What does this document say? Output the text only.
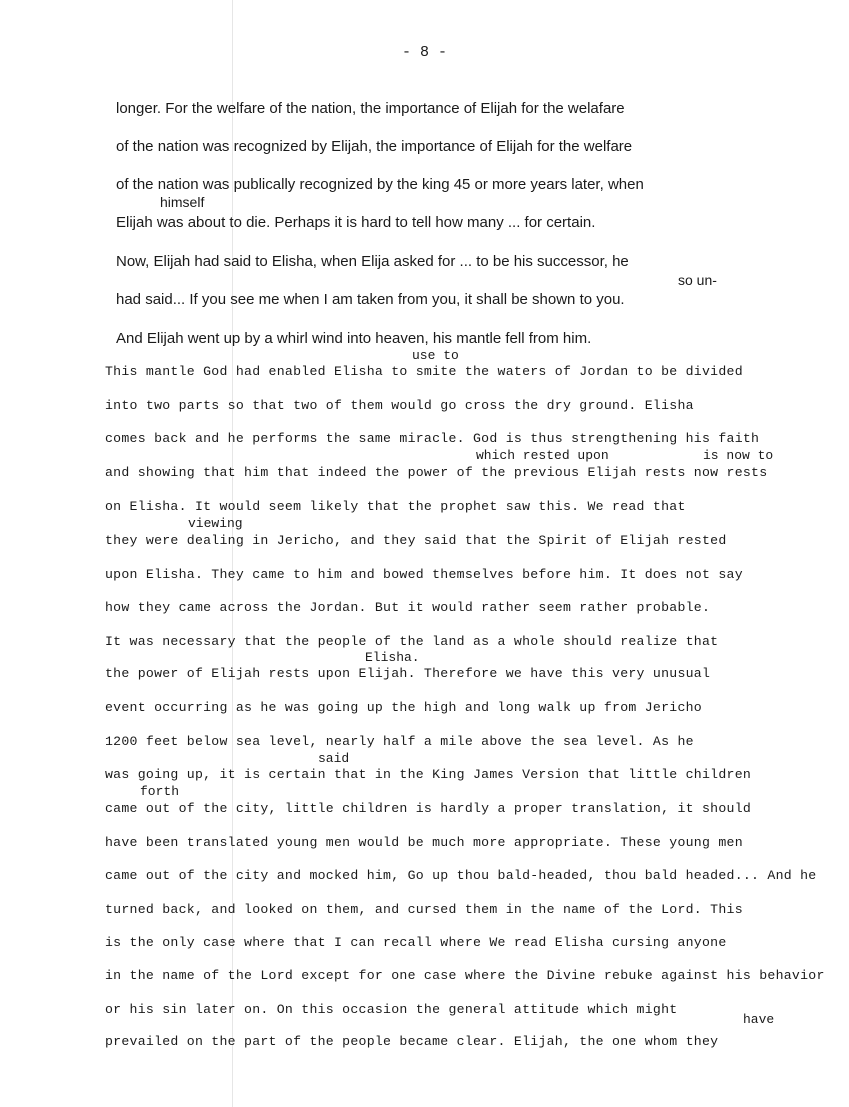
- 8 -
longer. For the welfare of the nation, the importance of Elijah for the welafare
of the nation was recognized by Elijah, the importance of Elijah for the welfare
of the nation was publically recognized by the king 45 or more years later, when
Elijah was about to die. Perhaps it is hard to tell how many ... for certain.
Now, Elijah had said to Elisha, when Elija asked for ... to be his successor, he
had said... If you see me when I am taken from you, it shall be shown to you.
And Elijah went up by a whirl wind into heaven, his mantle fell from him.
This mantle God had enabled Elisha to smite the waters of Jordan to be divided
into two parts so that two of them would go cross the dry ground. Elisha
comes back and he performs the same miracle. God is thus strengthening his faith
and showing that him that indeed the power of the previous Elijah rests now rests
on Elisha. It would seem likely that the prophet saw this. We read that
they were dealing in Jericho, and they said that the Spirit of Elijah rested
upon Elisha. They came to him and bowed themselves before him. It does not say
how they came across the Jordan. But it would rather seem rather probable.
It was necessary that the people of the land as a whole should realize that
the power of Elijah rests upon Elijah. Therefore we have this very unusual
event occurring as he was going up the high and long walk up from Jericho
1200 feet below sea level, nearly half a mile above the sea level. As he
was going up, it is certain that in the King James Version that little children
came out of the city, little children is hardly a proper translation, it should
have been translated young men would be much more appropriate. These young men
came out of the city and mocked him, Go up thou bald-headed, thou bald headed... And he
turned back, and looked on them, and cursed them in the name of the Lord. This
is the only case where that I can recall where We read Elisha cursing anyone
in the name of the Lord except for one case where the Divine rebuke against his behavior
or his sin later on. On this occasion the general attitude which might
prevailed on the part of the people became clear. Elijah, the one whom they
himself
so un-
use to
which rested upon	is now to
viewing
Elisha.
said
forth
have
